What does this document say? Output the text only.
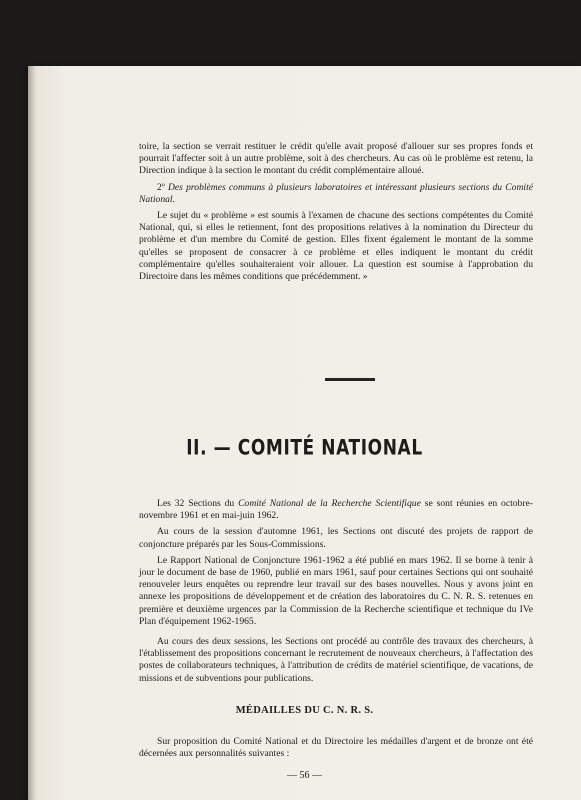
toire, la section se verrait restituer le crédit qu'elle avait proposé d'allouer sur ses propres fonds et pourrait l'affecter soit à un autre problème, soit à des chercheurs. Au cas où le problème est retenu, la Direction indique à la section le montant du crédit complémentaire alloué.

2º Des problèmes communs à plusieurs laboratoires et intéressant plusieurs sections du Comité National.

Le sujet du « problème » est soumis à l'examen de chacune des sections compétentes du Comité National, qui, si elles le retiennent, font des propositions relatives à la nomination du Directeur du problème et d'un membre du Comité de gestion. Elles fixent également le montant de la somme qu'elles se proposent de consacrer à ce problème et elles indiquent le montant du crédit complémentaire qu'elles souhaiteraient voir allouer. La question est soumise à l'approbation du Directoire dans les mêmes conditions que précédemment. »

II. — COMITÉ NATIONAL

Les 32 Sections du Comité National de la Recherche Scientifique se sont réunies en octobre-novembre 1961 et en mai-juin 1962.

Au cours de la session d'automne 1961, les Sections ont discuté des projets de rapport de conjoncture préparés par les Sous-Commissions.

Le Rapport National de Conjoncture 1961-1962 a été publié en mars 1962. Il se borne à tenir à jour le document de base de 1960, publié en mars 1961, sauf pour certaines Sections qui ont souhaité renouveler leurs enquêtes ou reprendre leur travail sur des bases nouvelles. Nous y avons joint en annexe les propositions de développement et de création des laboratoires du C. N. R. S. retenues en première et deuxième urgences par la Commission de la Recherche scientifique et technique du IVe Plan d'équipement 1962-1965.

Au cours des deux sessions, les Sections ont procédé au contrôle des travaux des chercheurs, à l'établissement des propositions concernant le recrutement de nouveaux chercheurs, à l'affectation des postes de collaborateurs techniques, à l'attribution de crédits de matériel scientifique, de vacations, de missions et de subventions pour publications.

MÉDAILLES DU C. N. R. S.

Sur proposition du Comité National et du Directoire les médailles d'argent et de bronze ont été décernées aux personnalités suivantes :

— 56 —
